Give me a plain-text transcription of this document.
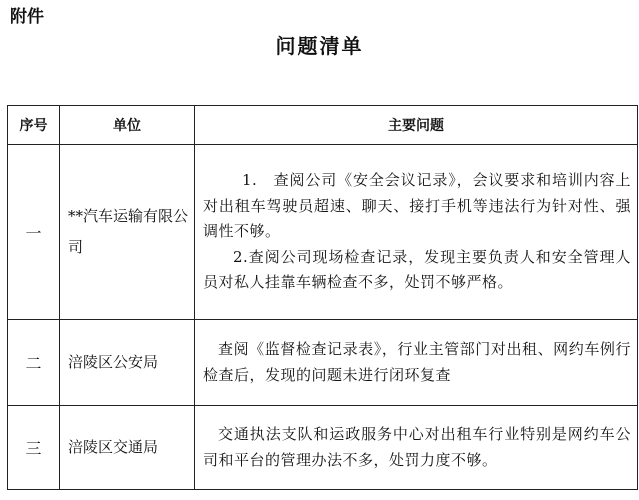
附件
问题清单
序号	单位	主要问题
一	**汽车运输有限公司	1.　查阅公司《安全会议记录》，会议要求和培训内容上对出租车驾驶员超速、聊天、接打手机等违法行为针对性、强调性不够。

2.查阅公司现场检查记录，发现主要负责人和安全管理人员对私人挂靠车辆检查不多，处罚不够严格。

二	涪陵区公安局	查阅《监督检查记录表》，行业主管部门对出租、网约车例行检查后，发现的问题未进行闭环复查

三	涪陵区交通局	交通执法支队和运政服务中心对出租车行业特别是网约车公司和平台的管理办法不多，处罚力度不够。
